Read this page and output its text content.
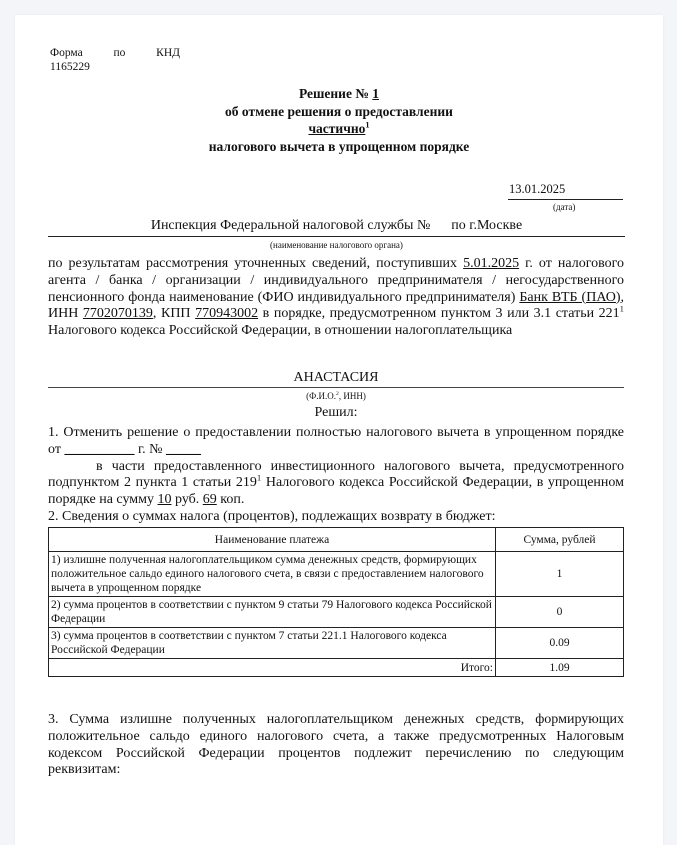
Форма	по	КНД
1165229
Решение № 1
об отмене решения о предоставлении
частично$^1$
налогового вычета в упрощенном порядке
13.01.2025
(дата)
Инспекция Федеральной налоговой службы №      по г.Москве
(наименование налогового органа)
по результатам рассмотрения уточненных сведений, поступивших 5.01.2025 г. от налогового агента / банка / организации / индивидуального предпринимателя / негосударственного пенсионного фонда наименование (ФИО индивидуального предпринимателя) Банк ВТБ (ПАО), ИНН 7702070139, КПП 770943002 в порядке, предусмотренном пунктом 3 или 3.1 статьи $221^1$ Налогового кодекса Российской Федерации, в отношении налогоплательщика
АНАСТАСИЯ
(Ф.И.О.$^2$, ИНН)
Решил:
1. Отменить решение о предоставлении полностью налогового вычета в упрощенном порядке от __________ г. № _____
в части предоставленного инвестиционного налогового вычета, предусмотренного подпунктом 2 пункта 1 статьи $219^1$ Налогового кодекса Российской Федерации, в упрощенном порядке на сумму 10 руб. 69 коп.
2. Сведения о суммах налога (процентов), подлежащих возврату в бюджет:
Наименование платежа	Сумма, рублей
1) излишне полученная налогоплательщиком сумма денежных средств, формирующих положительное сальдо единого налогового счета, в связи с предоставлением налогового вычета в упрощенном порядке	1
2) сумма процентов в соответствии с пунктом 9 статьи 79 Налогового кодекса Российской Федерации	0
3) сумма процентов в соответствии с пунктом 7 статьи 221.1 Налогового кодекса Российской Федерации	0.09
Итого:	1.09
3. Сумма излишне полученных налогоплательщиком денежных средств, формирующих положительное сальдо единого налогового счета, а также предусмотренных Налоговым кодексом Российской Федерации процентов подлежит перечислению по следующим реквизитам:
